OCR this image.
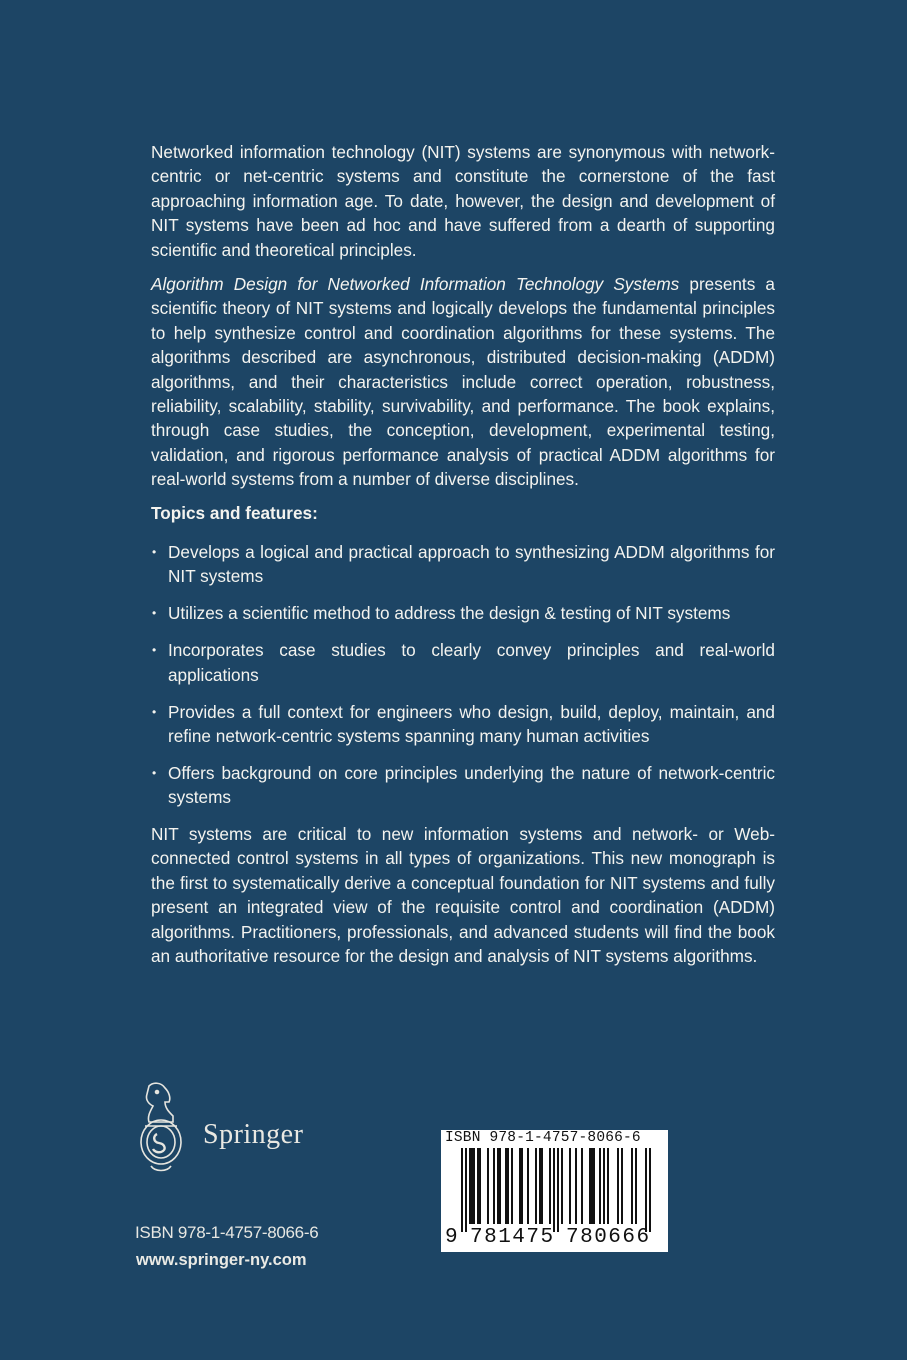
Networked information technology (NIT) systems are synonymous with network-centric or net-centric systems and constitute the cornerstone of the fast approaching information age. To date, however, the design and development of NIT systems have been ad hoc and have suffered from a dearth of supporting scientific and theoretical principles.
Algorithm Design for Networked Information Technology Systems presents a scientific theory of NIT systems and logically develops the fundamental principles to help synthesize control and coordination algorithms for these systems. The algorithms described are asynchronous, distributed decision-making (ADDM) algorithms, and their characteristics include correct operation, robustness, reliability, scalability, stability, survivability, and performance. The book explains, through case studies, the conception, development, experimental testing, validation, and rigorous performance analysis of practical ADDM algorithms for real-world systems from a number of diverse disciplines.
Topics and features:
• Develops a logical and practical approach to synthesizing ADDM algorithms for NIT systems
• Utilizes a scientific method to address the design & testing of NIT systems
• Incorporates case studies to clearly convey principles and real-world applications
• Provides a full context for engineers who design, build, deploy, maintain, and refine network-centric systems spanning many human activities
• Offers background on core principles underlying the nature of network-centric systems
NIT systems are critical to new information systems and network- or Web-connected control systems in all types of organizations. This new monograph is the first to systematically derive a conceptual foundation for NIT systems and fully present an integrated view of the requisite control and coordination (ADDM) algorithms. Practitioners, professionals, and advanced students will find the book an authoritative resource for the design and analysis of NIT systems algorithms.
Springer
ISBN 978-1-4757-8066-6
www.springer-ny.com
ISBN 978-1-4757-8066-6
9 781475 780666
